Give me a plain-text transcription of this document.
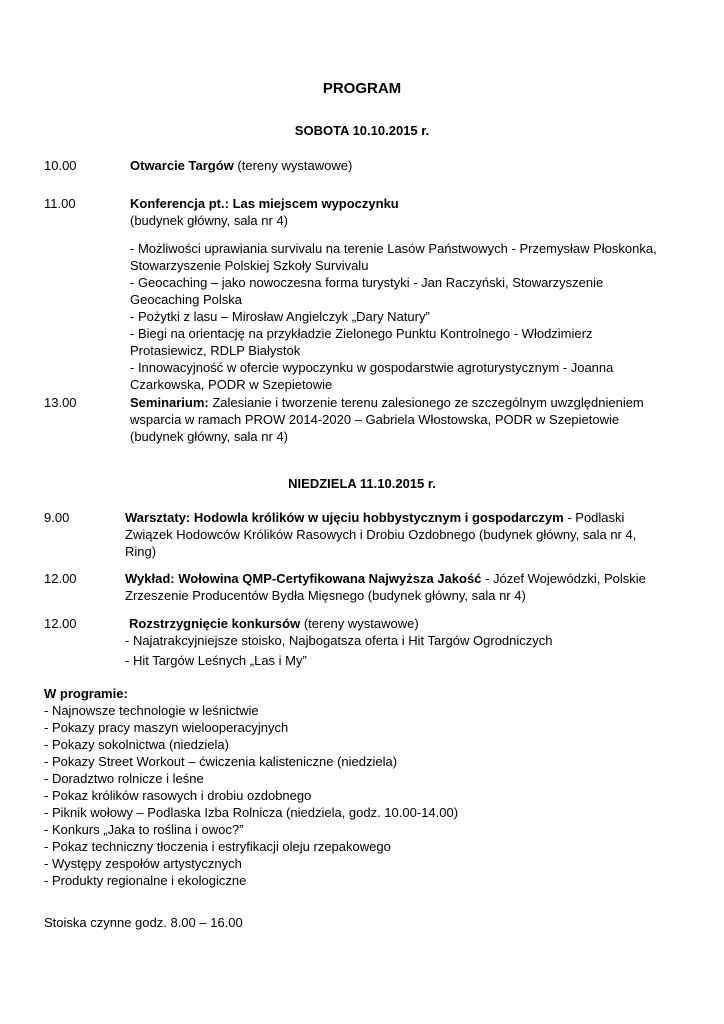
PROGRAM
SOBOTA 10.10.2015 r.
10.00	Otwarcie Targów (tereny wystawowe)
11.00	Konferencja pt.: Las miejscem wypoczynku
(budynek główny, sala nr 4)
- Możliwości uprawiania survivalu na terenie Lasów Państwowych - Przemysław Płoskonka,
Stowarzyszenie Polskiej Szkoły Survivalu
- Geocaching – jako nowoczesna forma turystyki - Jan Raczyński, Stowarzyszenie
Geocaching Polska
- Pożytki z lasu – Mirosław Angielczyk „Dary Natury”
- Biegi na orientację na przykładzie Zielonego Punktu Kontrolnego - Włodzimierz
Protasiewicz, RDLP Białystok
- Innowacyjność w ofercie wypoczynku w gospodarstwie agroturystycznym - Joanna
Czarkowska, PODR w Szepietowie
13.00	Seminarium: Zalesianie i tworzenie terenu zalesionego ze szczególnym uwzględnieniem
wsparcia w ramach PROW 2014-2020 – Gabriela Włostowska, PODR w Szepietowie
(budynek główny, sala nr 4)
NIEDZIELA 11.10.2015 r.
9.00	Warsztaty: Hodowla królików w ujęciu hobbystycznym i gospodarczym - Podlaski
Związek Hodowców Królików Rasowych i Drobiu Ozdobnego (budynek główny, sala nr 4,
Ring)
12.00	Wykład: Wołowina QMP-Certyfikowana Najwyższa Jakość - Józef Wojewódzki, Polskie
Zrzeszenie Producentów Bydła Mięsnego (budynek główny, sala nr 4)
12.00	Rozstrzygnięcie konkursów (tereny wystawowe)
- Najatrakcyjniejsze stoisko, Najbogatsza oferta i Hit Targów Ogrodniczych
- Hit Targów Leśnych „Las i My”
W programie:
- Najnowsze technologie w leśnictwie
- Pokazy pracy maszyn wielooperacyjnych
- Pokazy sokolnictwa (niedziela)
- Pokazy Street Workout – ćwiczenia kalisteniczne (niedziela)
- Doradztwo rolnicze i leśne
- Pokaz królików rasowych i drobiu ozdobnego
- Piknik wołowy – Podlaska Izba Rolnicza (niedziela, godz. 10.00-14.00)
- Konkurs „Jaka to roślina i owoc?”
- Pokaz techniczny tłoczenia i estryfikacji oleju rzepakowego
- Występy zespołów artystycznych
- Produkty regionalne i ekologiczne
Stoiska czynne godz. 8.00 – 16.00
